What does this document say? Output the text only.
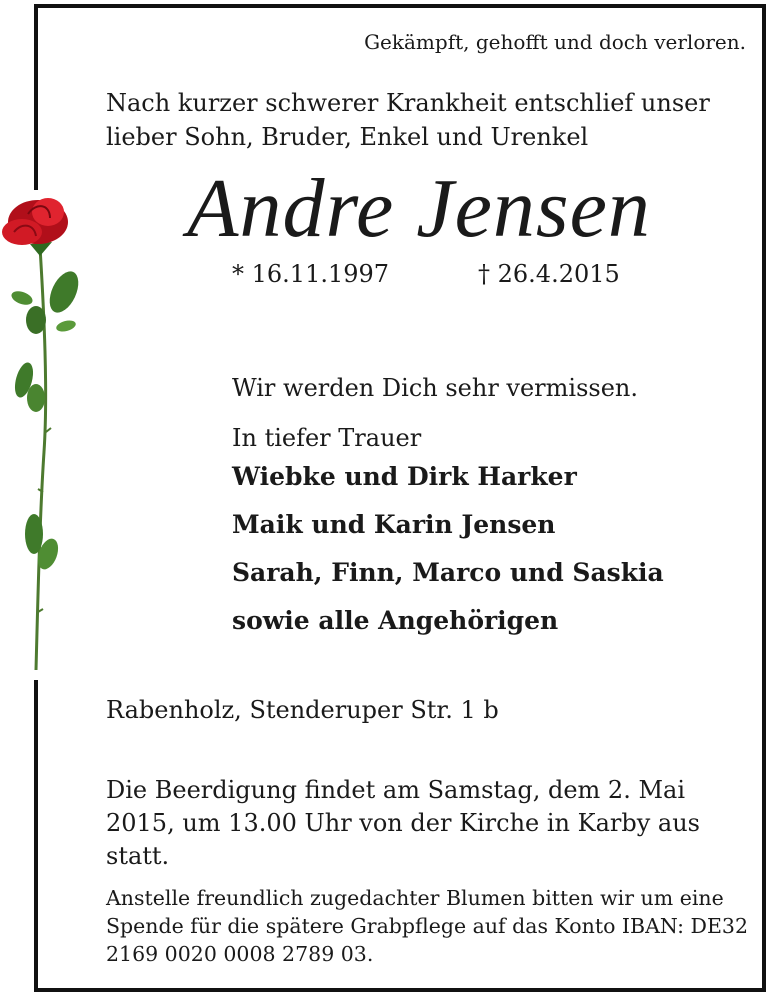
Gekämpft, gehofft und doch verloren.
Nach kurzer schwerer Krankheit entschlief unser lieber Sohn, Bruder, Enkel und Urenkel
Andre Jensen
* 16.11.1997	† 26.4.2015
Wir werden Dich sehr vermissen.
In tiefer Trauer
Wiebke und Dirk Harker
Maik und Karin Jensen
Sarah, Finn, Marco und Saskia
sowie alle Angehörigen
Rabenholz, Stenderuper Str. 1 b
Die Beerdigung findet am Samstag, dem 2. Mai 2015, um 13.00 Uhr von der Kirche in Karby aus statt.
Anstelle freundlich zugedachter Blumen bitten wir um eine Spende für die spätere Grabpflege auf das Konto IBAN: DE32 2169 0020 0008 2789 03.
